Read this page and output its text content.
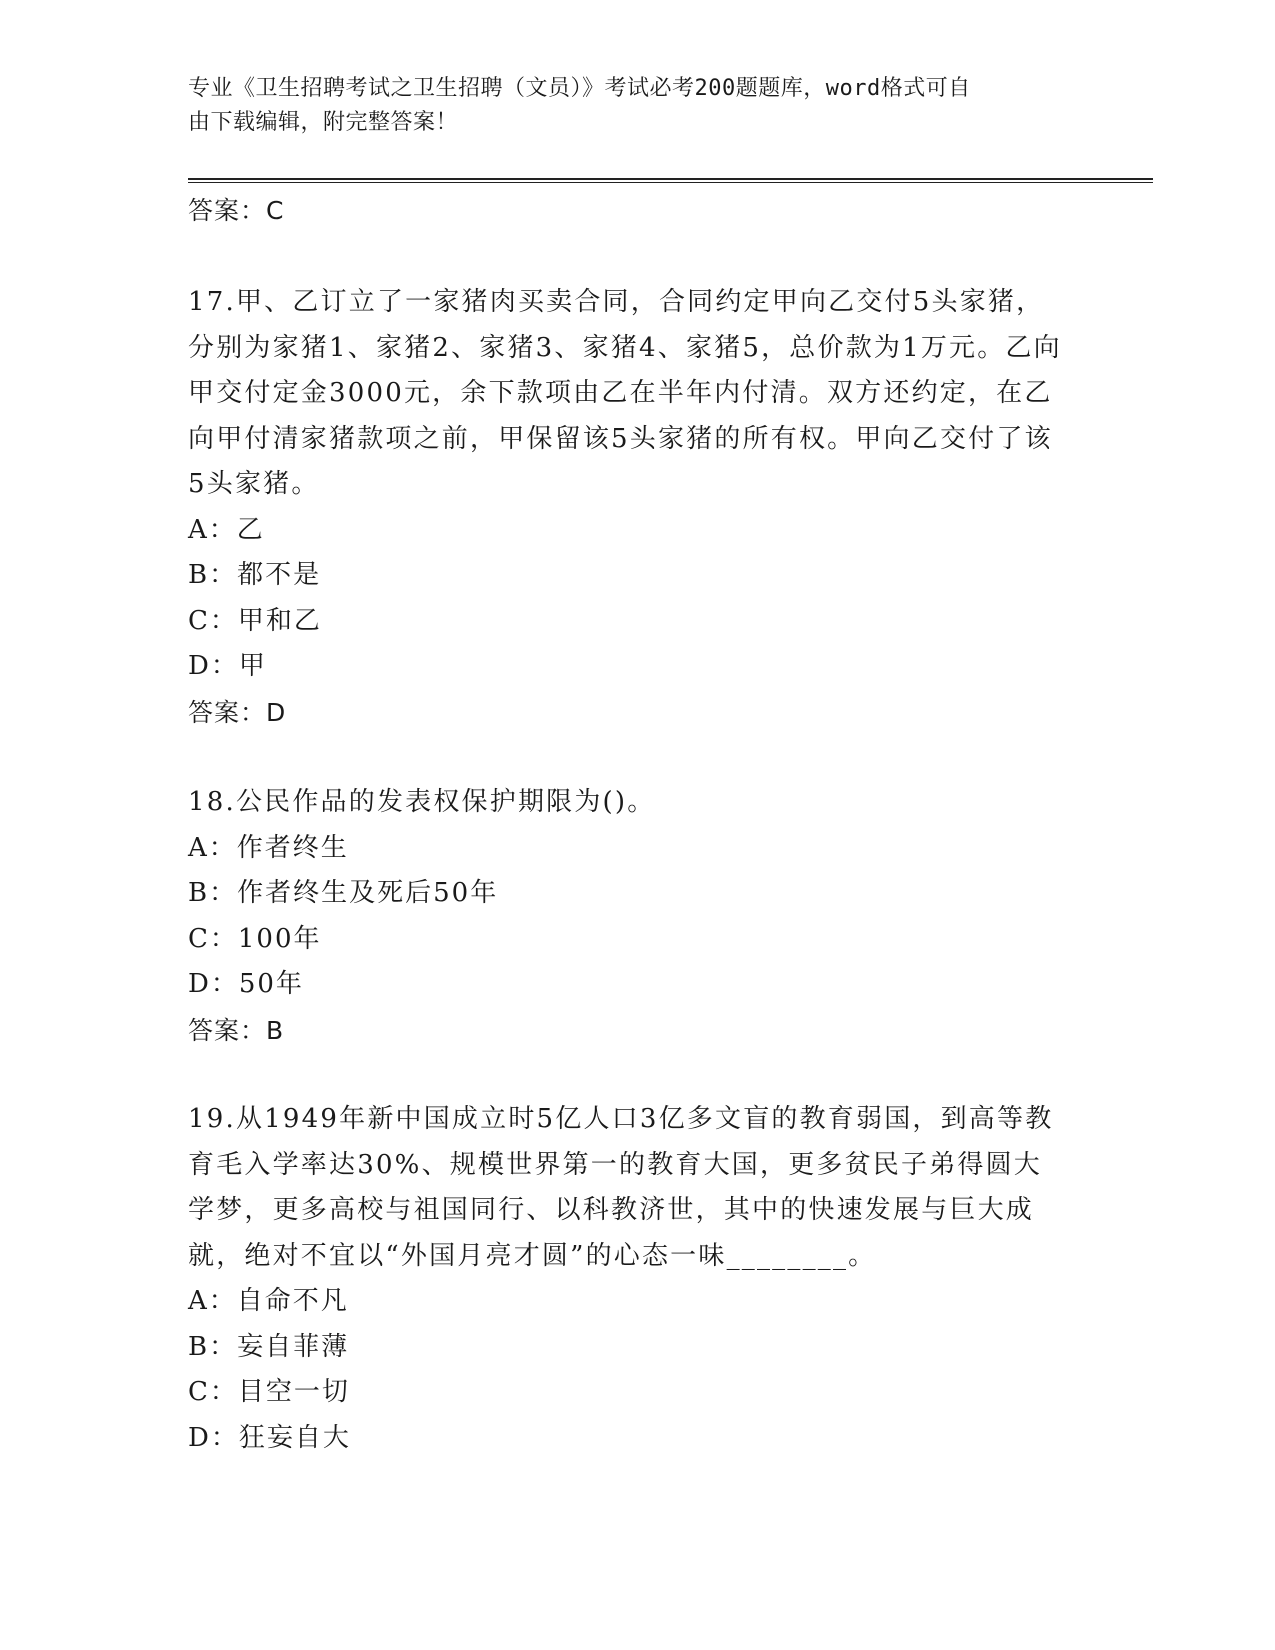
专业《卫生招聘考试之卫生招聘（文员）》考试必考200题题库，word格式可自
由下载编辑，附完整答案！
答案：C
17.甲、乙订立了一家猪肉买卖合同，合同约定甲向乙交付5头家猪，分别为家猪1、家猪2、家猪3、家猪4、家猪5，总价款为1万元。乙向甲交付定金3000元，余下款项由乙在半年内付清。双方还约定，在乙向甲付清家猪款项之前，甲保留该5头家猪的所有权。甲向乙交付了该5头家猪。
A：乙
B：都不是
C：甲和乙
D：甲
答案：D
18.公民作品的发表权保护期限为()。
A：作者终生
B：作者终生及死后50年
C：100年
D：50年
答案：B
19.从1949年新中国成立时5亿人口3亿多文盲的教育弱国，到高等教育毛入学率达30%、规模世界第一的教育大国，更多贫民子弟得圆大学梦，更多高校与祖国同行、以科教济世，其中的快速发展与巨大成就，绝对不宜以“外国月亮才圆”的心态一味________。
A：自命不凡
B：妄自菲薄
C：目空一切
D：狂妄自大
